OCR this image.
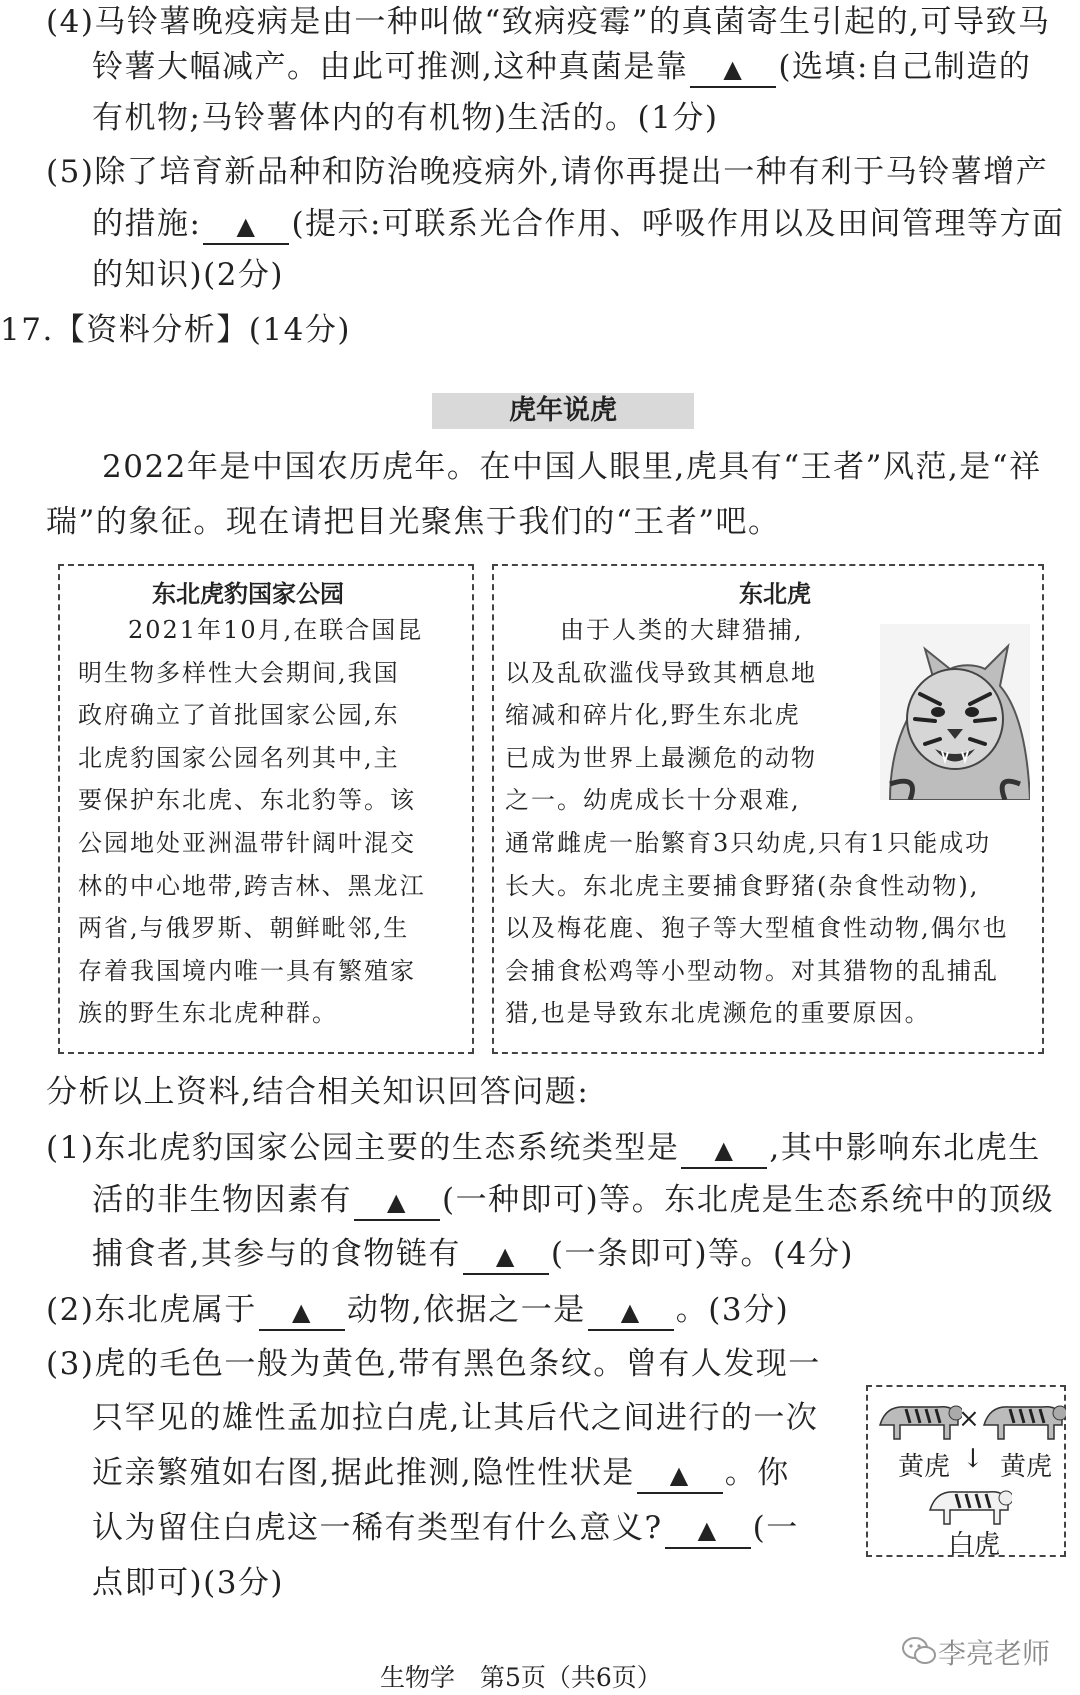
(4)马铃薯晚疫病是由一种叫做“致病疫霉”的真菌寄生引起的,可导致马
铃薯大幅减产。由此可推测,这种真菌是靠 ▲ (选填:自己制造的
有机物;马铃薯体内的有机物)生活的。(1分)
(5)除了培育新品种和防治晚疫病外,请你再提出一种有利于马铃薯增产
的措施: ▲ (提示:可联系光合作用、呼吸作用以及田间管理等方面
的知识)(2分)
17.【资料分析】(14分)
虎年说虎
2022年是中国农历虎年。在中国人眼里,虎具有“王者”风范,是“祥
瑞”的象征。现在请把目光聚焦于我们的“王者”吧。
东北虎豹国家公园
2021年10月,在联合国昆
明生物多样性大会期间,我国
政府确立了首批国家公园,东
北虎豹国家公园名列其中,主
要保护东北虎、东北豹等。该
公园地处亚洲温带针阔叶混交
林的中心地带,跨吉林、黑龙江
两省,与俄罗斯、朝鲜毗邻,生
存着我国境内唯一具有繁殖家
族的野生东北虎种群。
东北虎
由于人类的大肆猎捕,
以及乱砍滥伐导致其栖息地
缩减和碎片化,野生东北虎
已成为世界上最濒危的动物
之一。幼虎成长十分艰难,
通常雌虎一胎繁育3只幼虎,只有1只能成功
长大。东北虎主要捕食野猪(杂食性动物),
以及梅花鹿、狍子等大型植食性动物,偶尔也
会捕食松鸡等小型动物。对其猎物的乱捕乱
猎,也是导致东北虎濒危的重要原因。
分析以上资料,结合相关知识回答问题:
(1)东北虎豹国家公园主要的生态系统类型是 ▲ ,其中影响东北虎生
活的非生物因素有 ▲ (一种即可)等。东北虎是生态系统中的顶级
捕食者,其参与的食物链有 ▲ (一条即可)等。(4分)
(2)东北虎属于 ▲ 动物,依据之一是 ▲ 。(3分)
(3)虎的毛色一般为黄色,带有黑色条纹。曾有人发现一
只罕见的雄性孟加拉白虎,让其后代之间进行的一次
近亲繁殖如右图,据此推测,隐性性状是 ▲ 。你
认为留住白虎这一稀有类型有什么意义? ▲ (一
点即可)(3分)
×
黄虎 ↓ 黄虎
白虎
李亮老师
生物学　第5页（共6页）
